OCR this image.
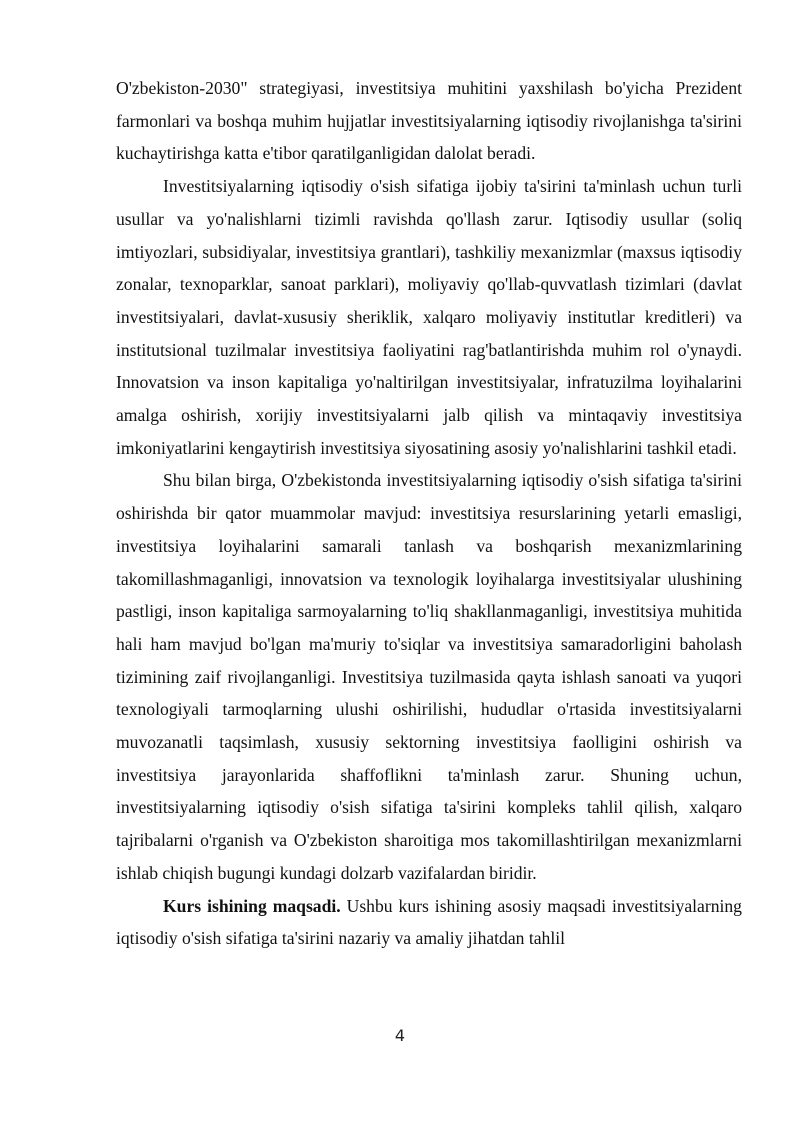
O'zbekiston-2030" strategiyasi, investitsiya muhitini yaxshilash bo'yicha Prezident farmonlari va boshqa muhim hujjatlar investitsiyalarning iqtisodiy rivojlanishga ta'sirini kuchaytirishga katta e'tibor qaratilganligidan dalolat beradi.

Investitsiyalarning iqtisodiy o'sish sifatiga ijobiy ta'sirini ta'minlash uchun turli usullar va yo'nalishlarni tizimli ravishda qo'llash zarur. Iqtisodiy usullar (soliq imtiyozlari, subsidiyalar, investitsiya grantlari), tashkiliy mexanizmlar (maxsus iqtisodiy zonalar, texnoparklar, sanoat parklari), moliyaviy qo'llab-quvvatlash tizimlari (davlat investitsiyalari, davlat-xususiy sheriklik, xalqaro moliyaviy institutlar kreditleri) va institutsional tuzilmalar investitsiya faoliyatini rag'batlantirishda muhim rol o'ynaydi. Innovatsion va inson kapitaliga yo'naltirilgan investitsiyalar, infratuzilma loyihalarini amalga oshirish, xorijiy investitsiyalarni jalb qilish va mintaqaviy investitsiya imkoniyatlarini kengaytirish investitsiya siyosatining asosiy yo'nalishlarini tashkil etadi.

Shu bilan birga, O'zbekistonda investitsiyalarning iqtisodiy o'sish sifatiga ta'sirini oshirishda bir qator muammolar mavjud: investitsiya resurslarining yetarli emasligi, investitsiya loyihalarini samarali tanlash va boshqarish mexanizmlarining takomillashmaganligi, innovatsion va texnologik loyihalarga investitsiyalar ulushining pastligi, inson kapitaliga sarmoyalarning to'liq shakllanmaganligi, investitsiya muhitida hali ham mavjud bo'lgan ma'muriy to'siqlar va investitsiya samaradorligini baholash tizimining zaif rivojlanganligi. Investitsiya tuzilmasida qayta ishlash sanoati va yuqori texnologiyali tarmoqlarning ulushi oshirilishi, hududlar o'rtasida investitsiyalarni muvozanatli taqsimlash, xususiy sektorning investitsiya faolligini oshirish va investitsiya jarayonlarida shaffoflikni ta'minlash zarur. Shuning uchun, investitsiyalarning iqtisodiy o'sish sifatiga ta'sirini kompleks tahlil qilish, xalqaro tajribalarni o'rganish va O'zbekiston sharoitiga mos takomillashtirilgan mexanizmlarni ishlab chiqish bugungi kundagi dolzarb vazifalardan biridir.

Kurs ishining maqsadi. Ushbu kurs ishining asosiy maqsadi investitsiyalarning iqtisodiy o'sish sifatiga ta'sirini nazariy va amaliy jihatdan tahlil

4
